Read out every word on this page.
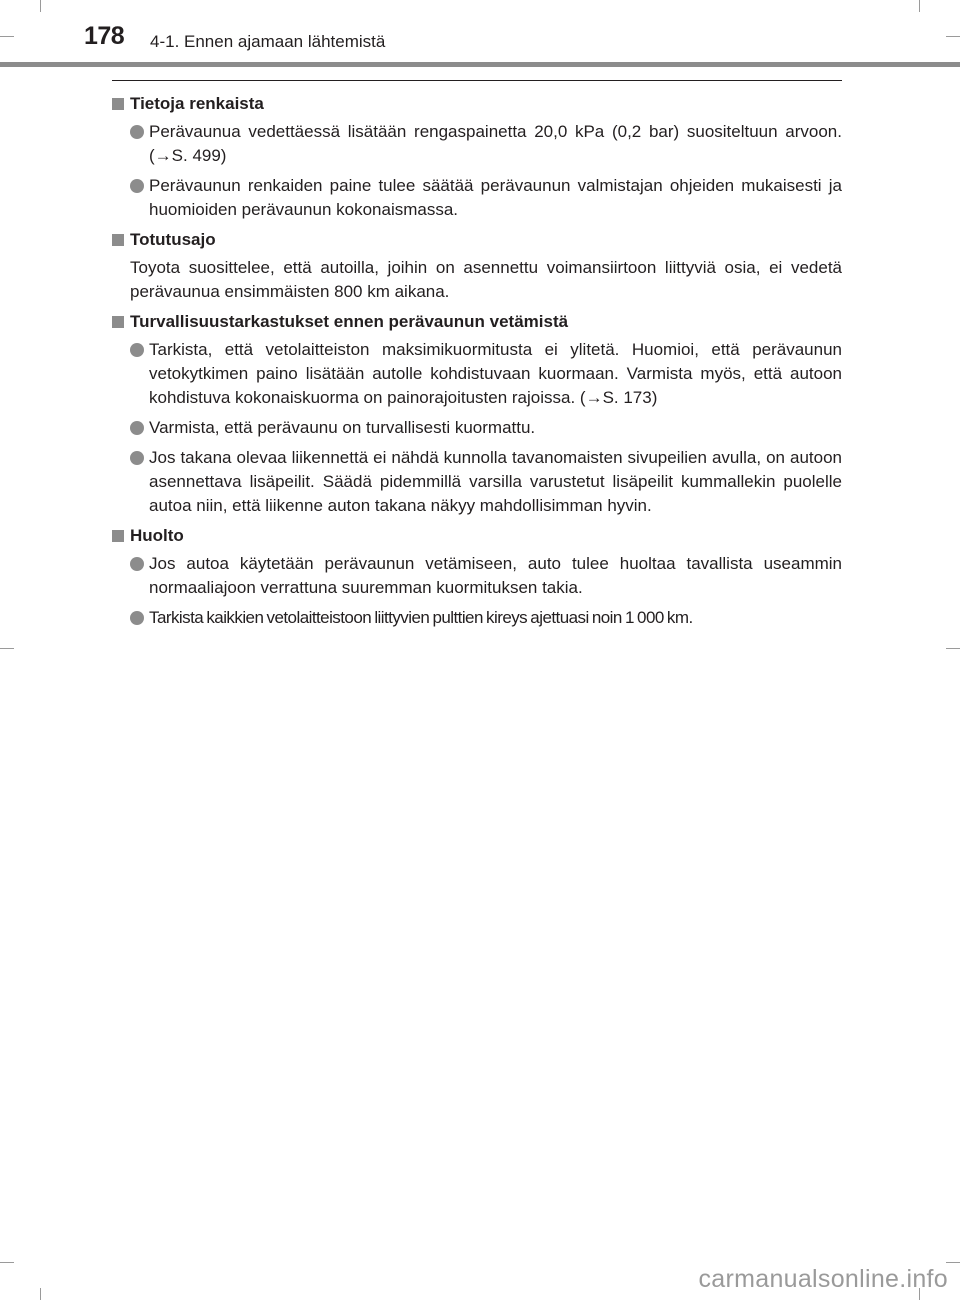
178 4-1. Ennen ajamaan lähtemistä
Tietoja renkaista
Perävaunua vedettäessä lisätään rengaspainetta 20,0 kPa (0,2 bar) suositeltuun arvoon. (→S. 499)
Perävaunun renkaiden paine tulee säätää perävaunun valmistajan ohjeiden mukaisesti ja huomioiden perävaunun kokonaismassa.
Totutusajo
Toyota suosittelee, että autoilla, joihin on asennettu voimansiirtoon liittyviä osia, ei vedetä perävaunua ensimmäisten 800 km aikana.
Turvallisuustarkastukset ennen perävaunun vetämistä
Tarkista, että vetolaitteiston maksimikuormitusta ei ylitetä. Huomioi, että perävaunun vetokytkimen paino lisätään autolle kohdistuvaan kuormaan. Varmista myös, että autoon kohdistuva kokonaiskuorma on painorajoitusten rajoissa. (→S. 173)
Varmista, että perävaunu on turvallisesti kuormattu.
Jos takana olevaa liikennettä ei nähdä kunnolla tavanomaisten sivupeilien avulla, on autoon asennettava lisäpeilit. Säädä pidemmillä varsilla varustetut lisäpeilit kummallekin puolelle autoa niin, että liikenne auton takana näkyy mahdollisimman hyvin.
Huolto
Jos autoa käytetään perävaunun vetämiseen, auto tulee huoltaa tavallista useammin normaaliajoon verrattuna suuremman kuormituksen takia.
Tarkista kaikkien vetolaitteistoon liittyvien pulttien kireys ajettuasi noin 1 000 km.
carmanualsonline.info
